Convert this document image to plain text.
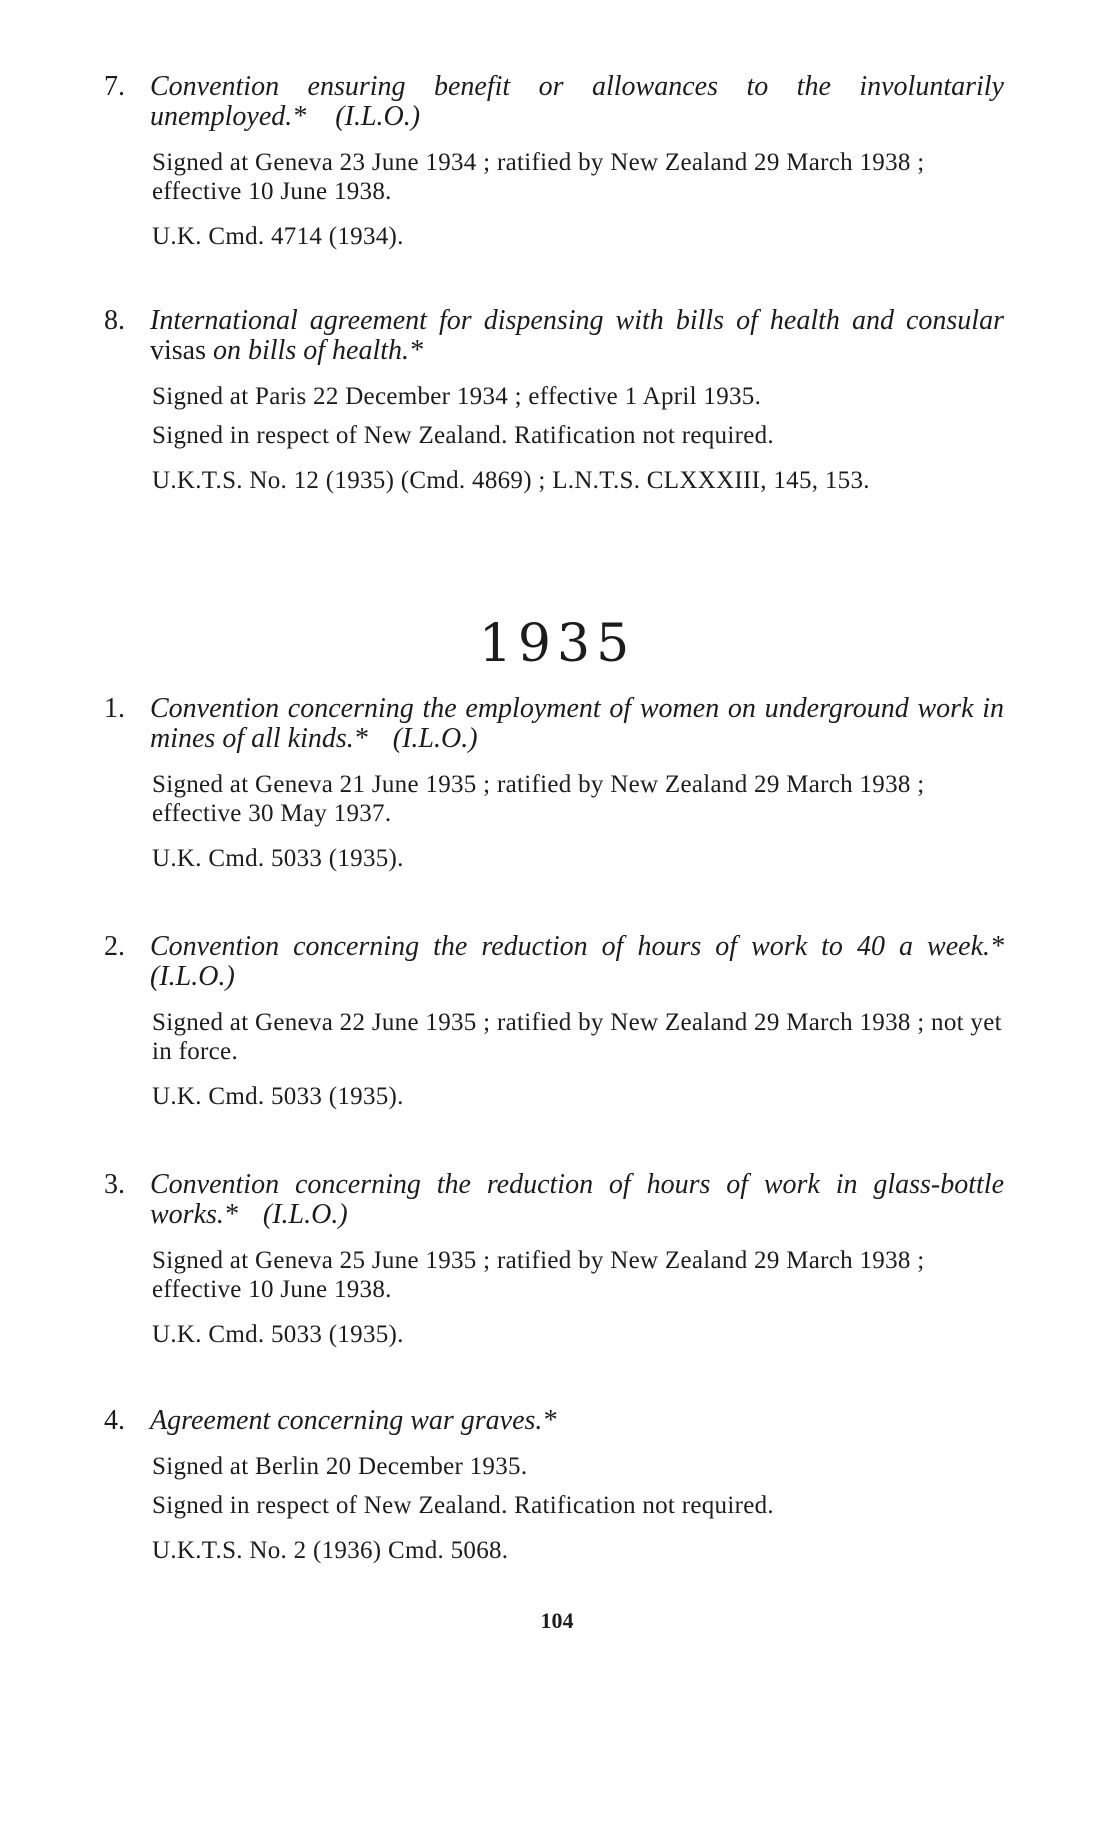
7. Convention ensuring benefit or allowances to the involuntarily unemployed.* (I.L.O.)
Signed at Geneva 23 June 1934 ; ratified by New Zealand 29 March 1938 ; effective 10 June 1938.
U.K. Cmd. 4714 (1934).
8. International agreement for dispensing with bills of health and consular visas on bills of health.*
Signed at Paris 22 December 1934 ; effective 1 April 1935.
Signed in respect of New Zealand. Ratification not required.
U.K.T.S. No. 12 (1935) (Cmd. 4869) ; L.N.T.S. CLXXXIII, 145, 153.
1935
1. Convention concerning the employment of women on underground work in mines of all kinds.* (I.L.O.)
Signed at Geneva 21 June 1935 ; ratified by New Zealand 29 March 1938 ; effective 30 May 1937.
U.K. Cmd. 5033 (1935).
2. Convention concerning the reduction of hours of work to 40 a week.* (I.L.O.)
Signed at Geneva 22 June 1935 ; ratified by New Zealand 29 March 1938 ; not yet in force.
U.K. Cmd. 5033 (1935).
3. Convention concerning the reduction of hours of work in glass-bottle works.* (I.L.O.)
Signed at Geneva 25 June 1935 ; ratified by New Zealand 29 March 1938 ; effective 10 June 1938.
U.K. Cmd. 5033 (1935).
4. Agreement concerning war graves.*
Signed at Berlin 20 December 1935.
Signed in respect of New Zealand. Ratification not required.
U.K.T.S. No. 2 (1936) Cmd. 5068.
104
